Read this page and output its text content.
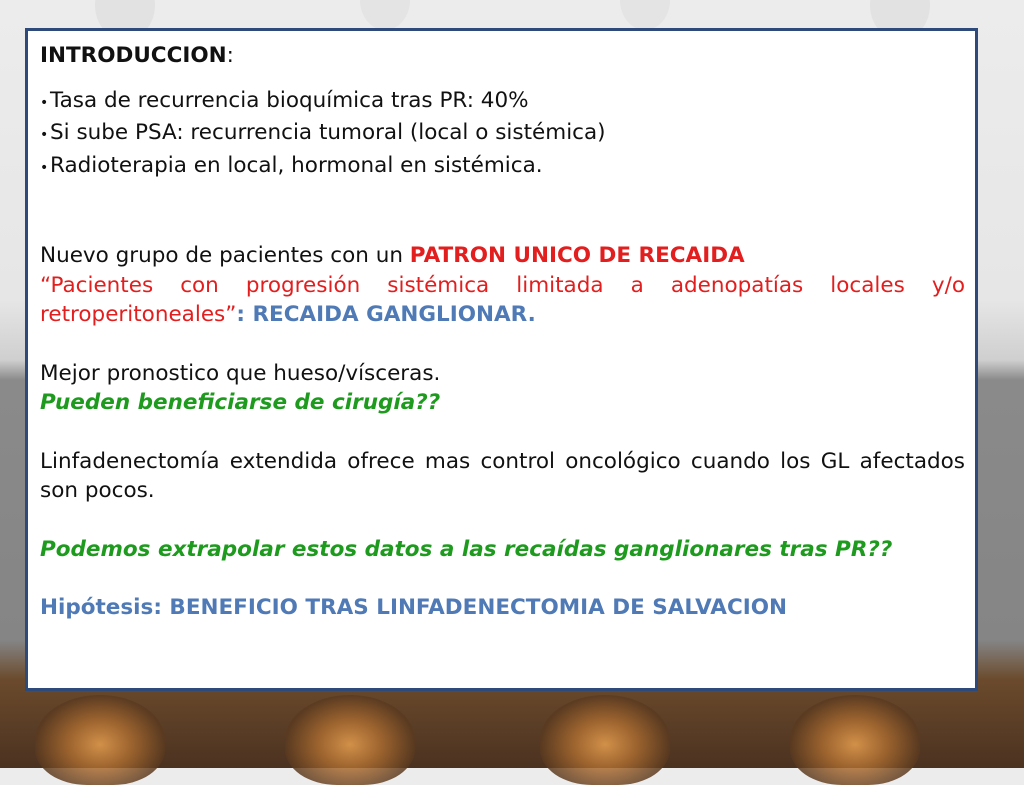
INTRODUCCION:
• Tasa de recurrencia bioquímica tras PR: 40%
• Si sube PSA: recurrencia tumoral (local o sistémica)
• Radioterapia en local, hormonal en sistémica.
Nuevo grupo de pacientes con un PATRON UNICO DE RECAIDA
“Pacientes con progresión sistémica limitada a adenopatías locales y/o retroperitoneales”: RECAIDA GANGLIONAR.
Mejor pronostico que hueso/vísceras.
Pueden beneficiarse de cirugía??
Linfadenectomía extendida ofrece mas control oncológico cuando los GL afectados son pocos.
Podemos extrapolar estos datos a las recaídas ganglionares tras PR??
Hipótesis: BENEFICIO TRAS LINFADENECTOMIA DE SALVACION
